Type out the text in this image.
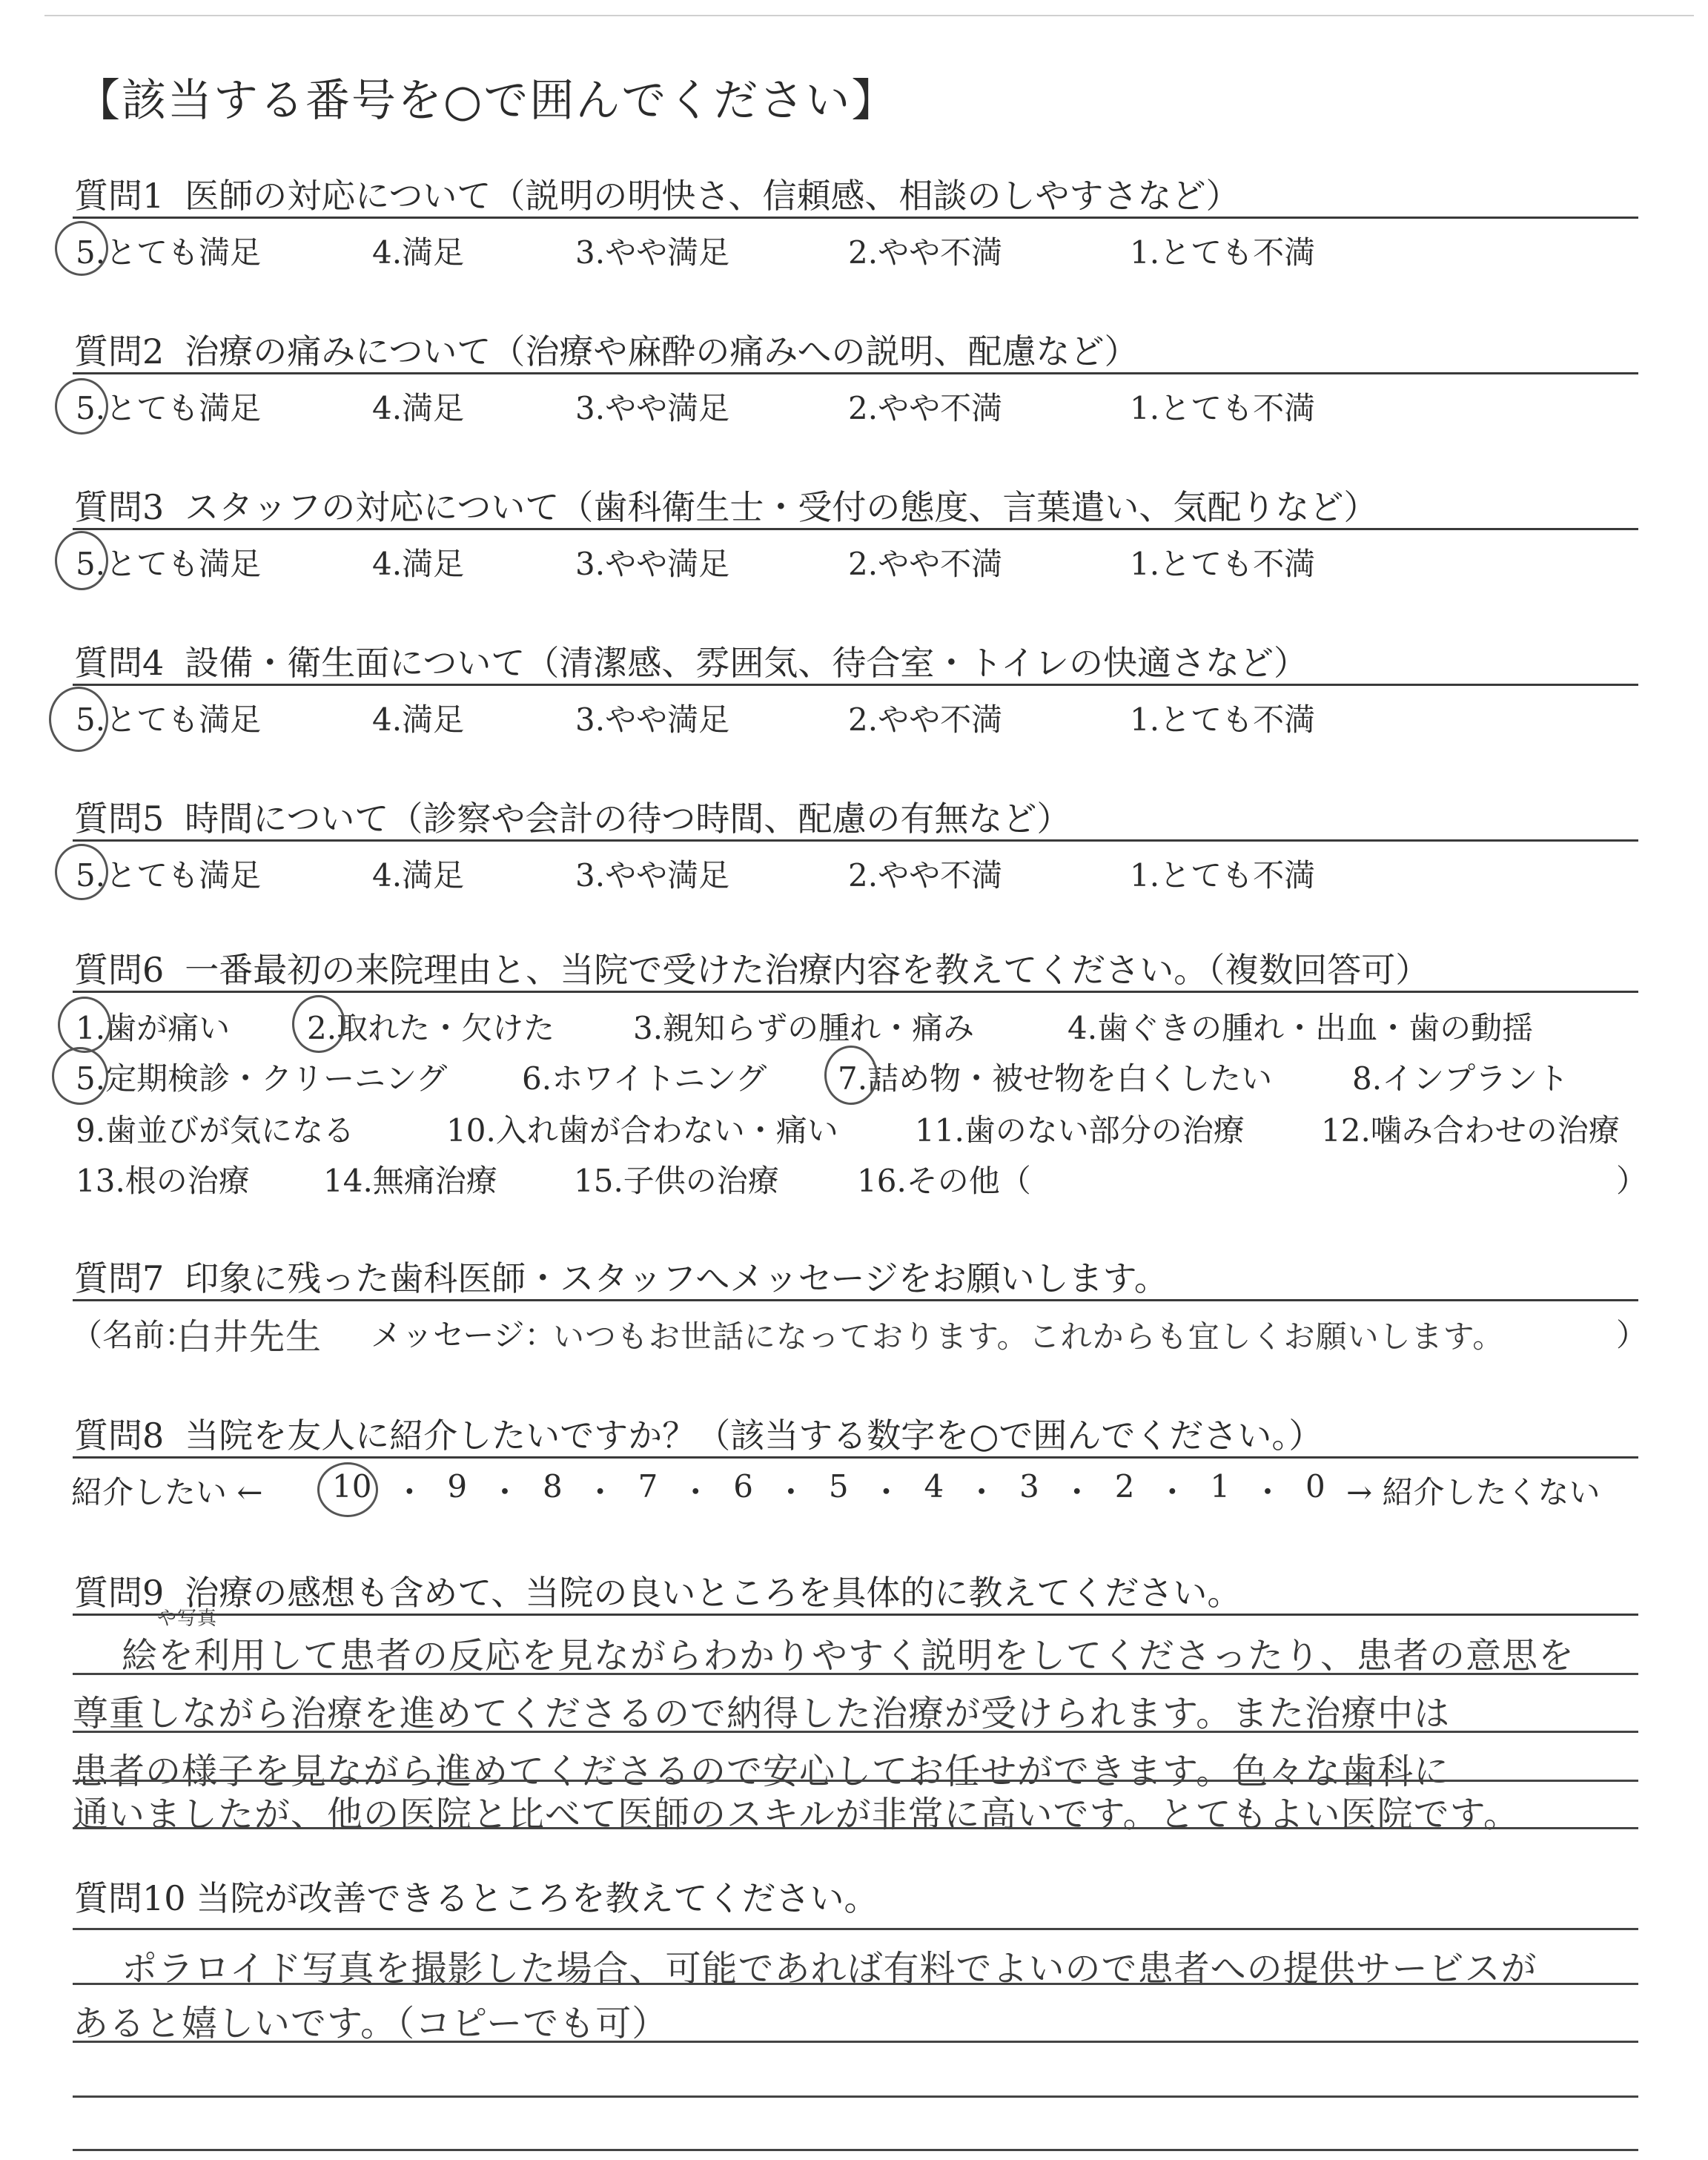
【該当する番号を○で囲んでください】
質問1 医師の対応について（説明の明快さ、信頼感、相談のしやすさなど）
5.とても満足	4.満足	3.やや満足	2.やや不満	1.とても不満
質問2 治療の痛みについて（治療や麻酔の痛みへの説明、配慮など）
5.とても満足	4.満足	3.やや満足	2.やや不満	1.とても不満
質問3 スタッフの対応について（歯科衛生士・受付の態度、言葉遣い、気配りなど）
5.とても満足	4.満足	3.やや満足	2.やや不満	1.とても不満
質問4 設備・衛生面について（清潔感、雰囲気、待合室・トイレの快適さなど）
5.とても満足	4.満足	3.やや満足	2.やや不満	1.とても不満
質問5 時間について（診察や会計の待つ時間、配慮の有無など）
5.とても満足	4.満足	3.やや満足	2.やや不満	1.とても不満
質問6 一番最初の来院理由と、当院で受けた治療内容を教えてください。（複数回答可）
1.歯が痛い 2.取れた・欠けた	3.親知らずの腫れ・痛み	4.歯ぐきの腫れ・出血・歯の動揺
5.定期検診・クリーニング 6.ホワイトニング 7.詰め物・被せ物を白くしたい	8.インプラント
9.歯並びが気になる	10.入れ歯が合わない・痛い 11.歯のない部分の治療 12.噛み合わせの治療
13.根の治療 14.無痛治療 15.子供の治療	16.その他（	）
質問7 印象に残った歯科医師・スタッフへメッセージをお願いします。
（名前：
白井先生 メッセージ：
いつもお世話になっております。これからも宜しくお願いします。	）
質問8 当院を友人に紹介したいですか？（該当する数字を○で囲んでください。）
紹介したい ← 10 ・ 9 ・ 8 ・ 7 ・ 6 ・ 5 ・ 4 ・ 3 ・ 2 ・ 1 ・ 0 → 紹介したくない
質問9 治療の感想も含めて、当院の良いところを具体的に教えてください。
や写真
絵を利用して患者の反応を見ながらわかりやすく説明をしてくださったり、患者の意思を
尊重しながら治療を進めてくださるので納得した治療が受けられます。また治療中は
患者の様子を見ながら進めてくださるので安心してお任せができます。色々な歯科に
通いましたが、他の医院と比べて医師のスキルが非常に高いです。とてもよい医院です。
質問10 当院が改善できるところを教えてください。
ポラロイド写真を撮影した場合、可能であれば有料でよいので患者への提供サービスが
あると嬉しいです。（コピーでも可）
